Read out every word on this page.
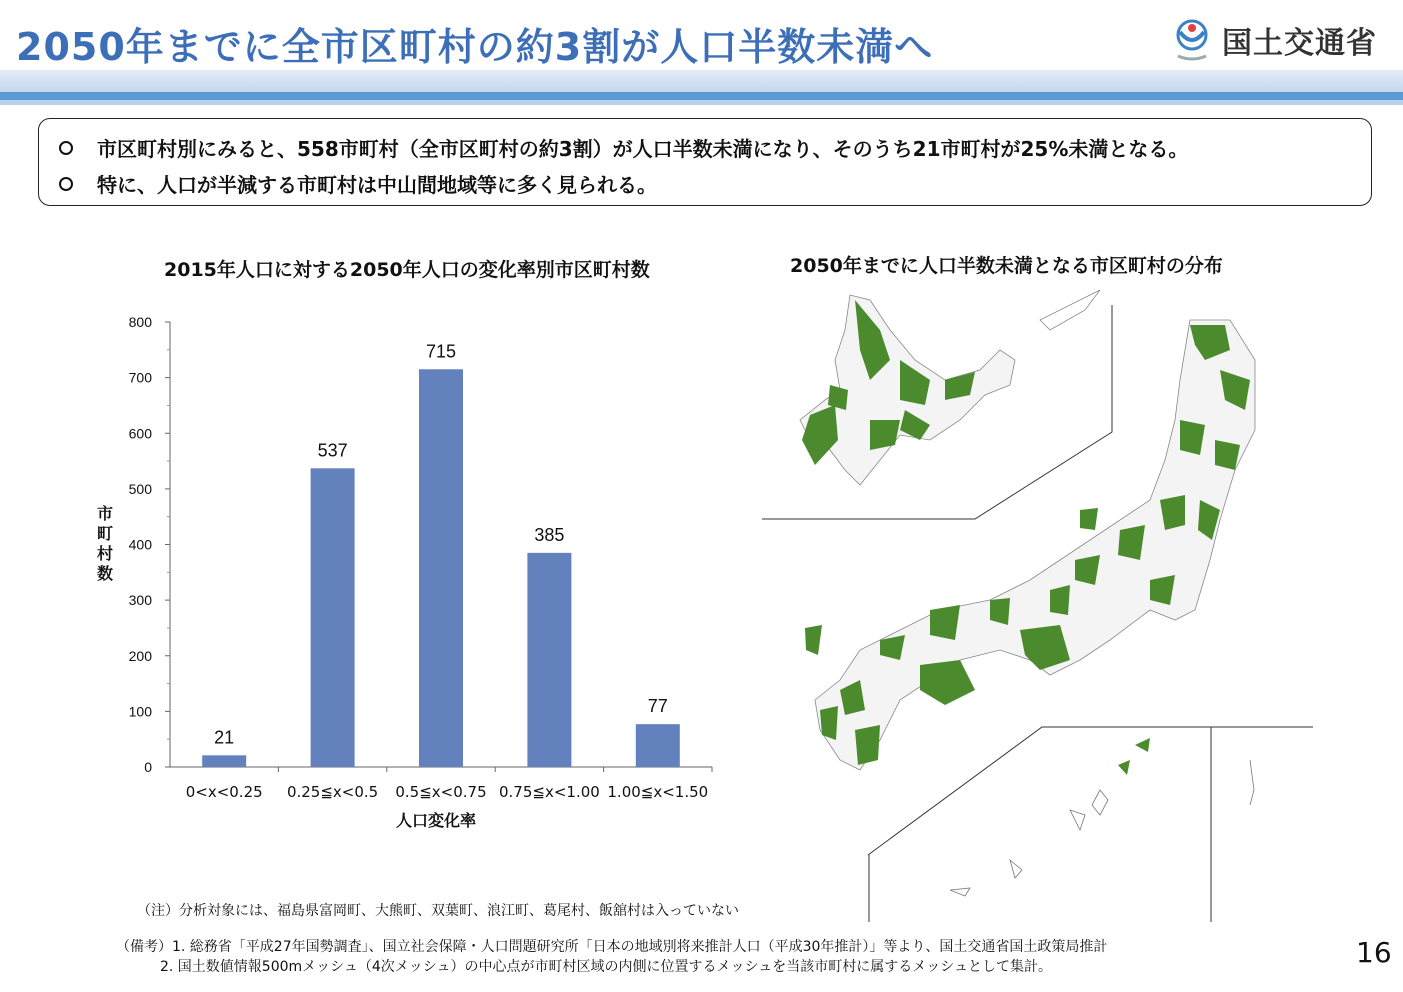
2050年までに全市区町村の約3割が人口半数未満へ	国土交通省
市区町村別にみると、558市町村（全市区町村の約3割）が人口半数未満になり、そのうち21市町村が25%未満となる。
特に、人口が半減する市町村は中山間地域等に多く見られる。
2015年人口に対する2050年人口の変化率別市区町村数
市町村数
0
100
200
300
400
500
600
700
800
21
0<x<0.25
537
0.25≦x<0.5
715
0.5≦x<0.75
385
0.75≦x<1.00
77
1.00≦x<1.50
人口変化率
2050年までに人口半数未満となる市区町村の分布
（注）分析対象には、福島県富岡町、大熊町、双葉町、浪江町、葛尾村、飯舘村は入っていない
（備考）1. 総務省「平成27年国勢調査」、国立社会保障・人口問題研究所「日本の地域別将来推計人口（平成30年推計）」等より、国土交通省国土政策局推計
2. 国土数値情報500mメッシュ（4次メッシュ）の中心点が市町村区域の内側に位置するメッシュを当該市町村に属するメッシュとして集計。	16
